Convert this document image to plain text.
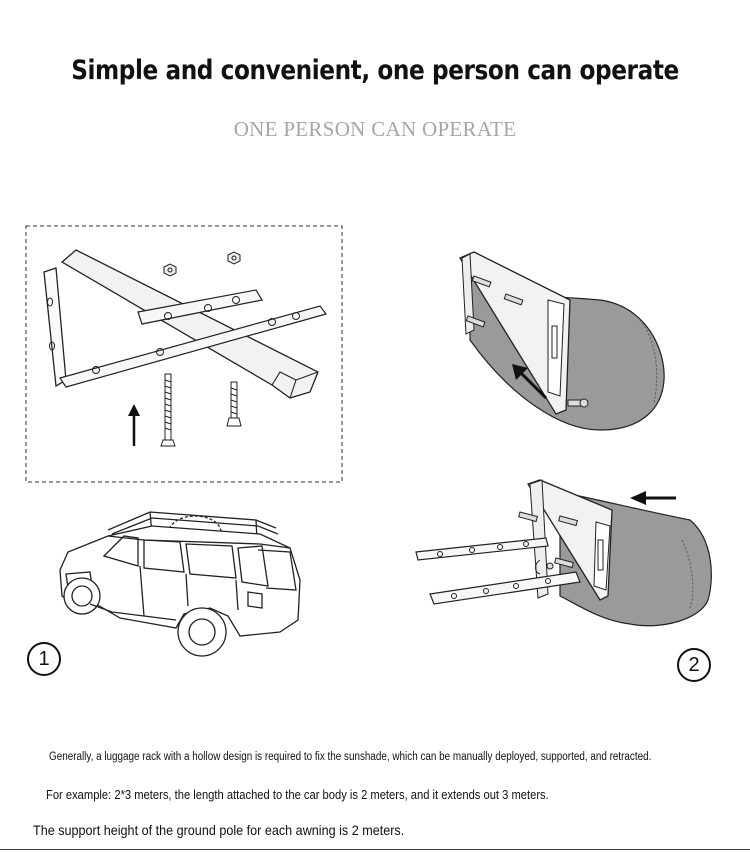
Simple and convenient, one person can operate
ONE PERSON CAN OPERATE
1	2
Generally, a luggage rack with a hollow design is required to fix the sunshade, which can be manually deployed, supported, and retracted.
For example: 2*3 meters, the length attached to the car body is 2 meters, and it extends out 3 meters.
The support height of the ground pole for each awning is 2 meters.
